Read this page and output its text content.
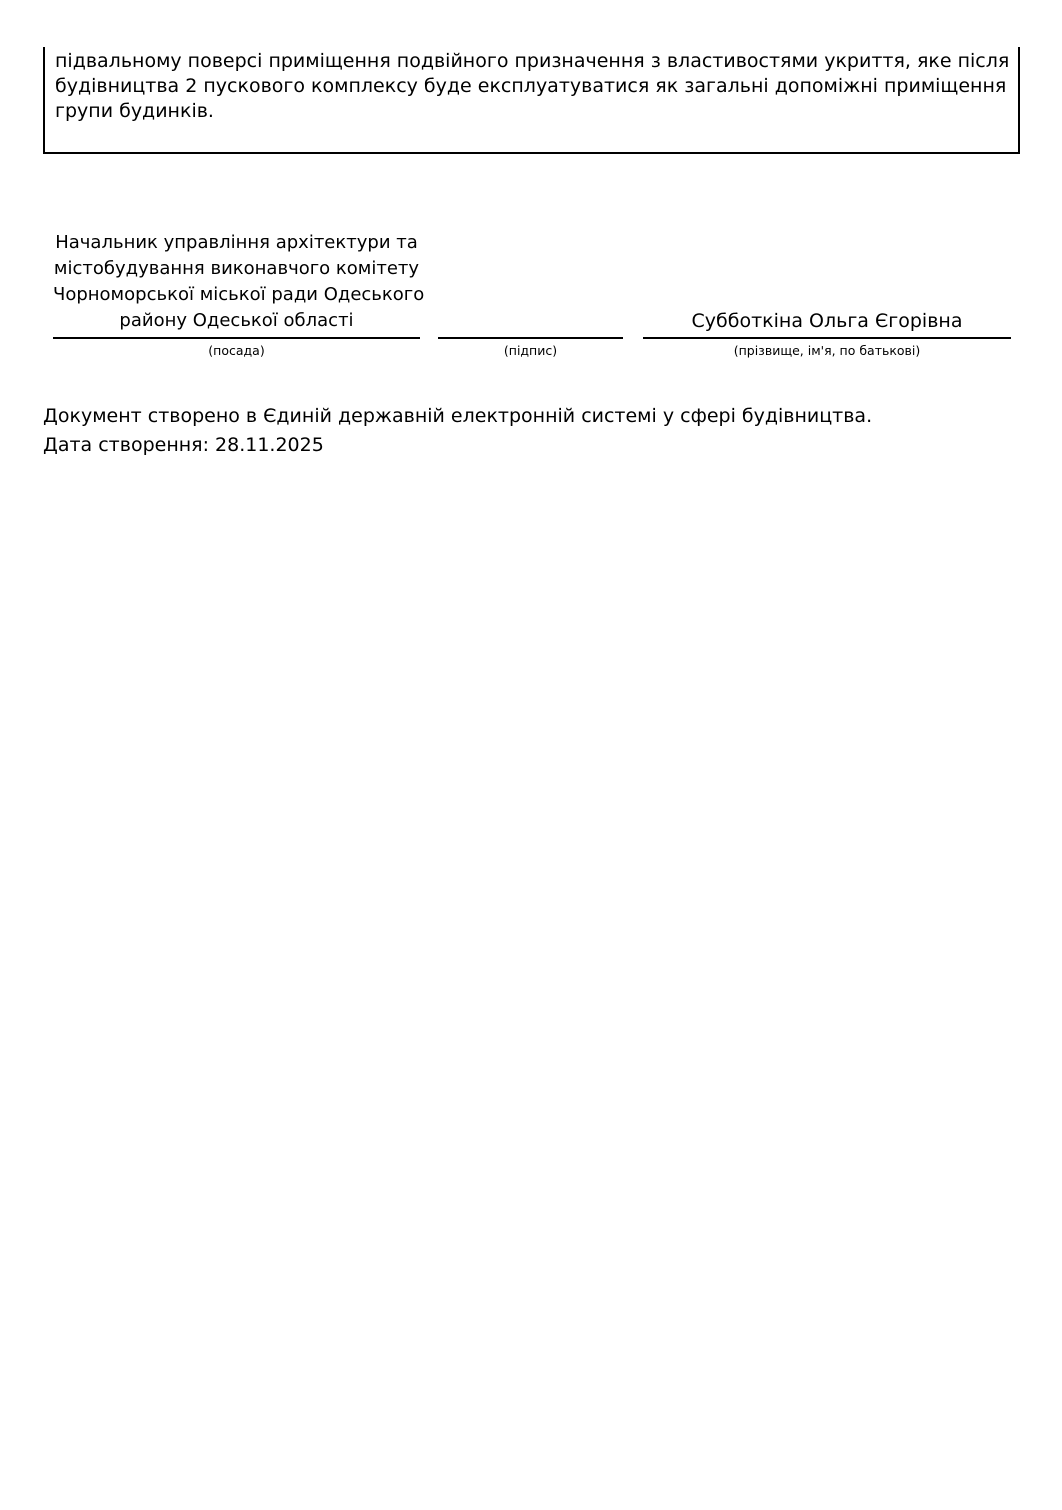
підвальному поверсі приміщення подвійного призначення з властивостями укриття, яке після будівництва 2 пускового комплексу буде експлуатуватися як загальні допоміжні приміщення групи будинків.

Начальник управління архітектури та
містобудування виконавчого комітету
Чорноморської міської ради Одеського
району Одеської області
(посада)	(підпис)
Субботкіна Ольга Єгорівна
(прізвище, ім'я, по батькові)
Документ створено в Єдиній державній електронній системі у сфері будівництва.
Дата створення: 28.11.2025
